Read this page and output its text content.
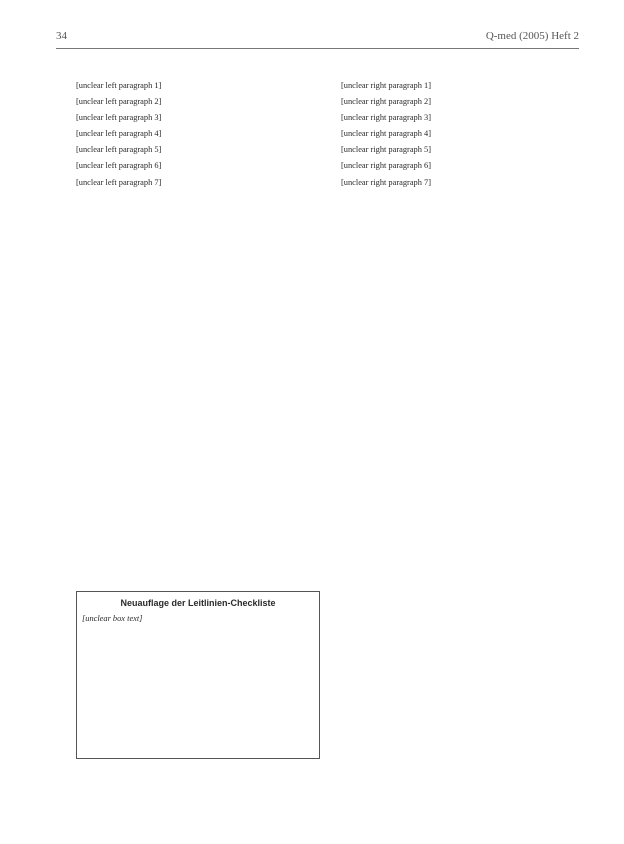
34	Q-med (2005) Heft 2

[unclear left paragraph 1]

[unclear left paragraph 2]

[unclear left paragraph 3]

[unclear left paragraph 4]

[unclear left paragraph 5]

[unclear left paragraph 6]

[unclear left paragraph 7]

Neuauflage der Leitlinien-Checkliste

[unclear box text]

[unclear right paragraph 1]

[unclear right paragraph 2]

[unclear right paragraph 3]

[unclear right paragraph 4]

[unclear right paragraph 5]

[unclear right paragraph 6]

[unclear right paragraph 7]
